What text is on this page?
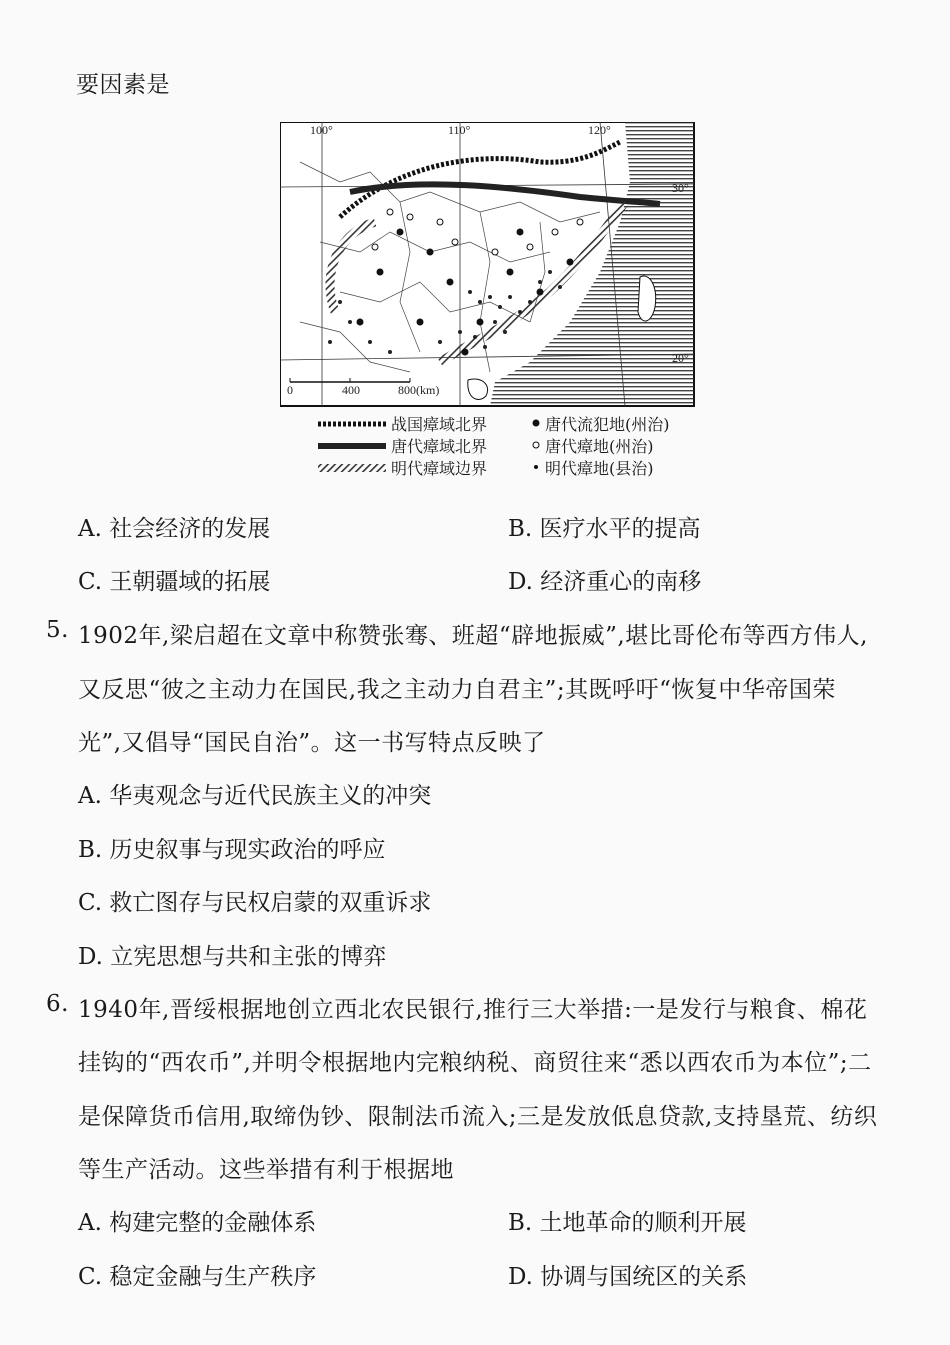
要因素是
100°	110°	120°
30°
20°
0	400	800(km)
战国瘴域北界
唐代瘴域北界
明代瘴域边界
唐代流犯地(州治)
唐代瘴地(州治)
明代瘴地(县治)
A. 社会经济的发展	B. 医疗水平的提高
C. 王朝疆域的拓展	D. 经济重心的南移
5. 1902年,梁启超在文章中称赞张骞、班超“辟地振威”,堪比哥伦布等西方伟人,
又反思“彼之主动力在国民,我之主动力自君主”;其既呼吁“恢复中华帝国荣
光”,又倡导“国民自治”。这一书写特点反映了
A. 华夷观念与近代民族主义的冲突
B. 历史叙事与现实政治的呼应
C. 救亡图存与民权启蒙的双重诉求
D. 立宪思想与共和主张的博弈
6. 1940年,晋绥根据地创立西北农民银行,推行三大举措:一是发行与粮食、棉花
挂钩的“西农币”,并明令根据地内完粮纳税、商贸往来“悉以西农币为本位”;二
是保障货币信用,取缔伪钞、限制法币流入;三是发放低息贷款,支持垦荒、纺织
等生产活动。这些举措有利于根据地
A. 构建完整的金融体系	B. 土地革命的顺利开展
C. 稳定金融与生产秩序	D. 协调与国统区的关系
